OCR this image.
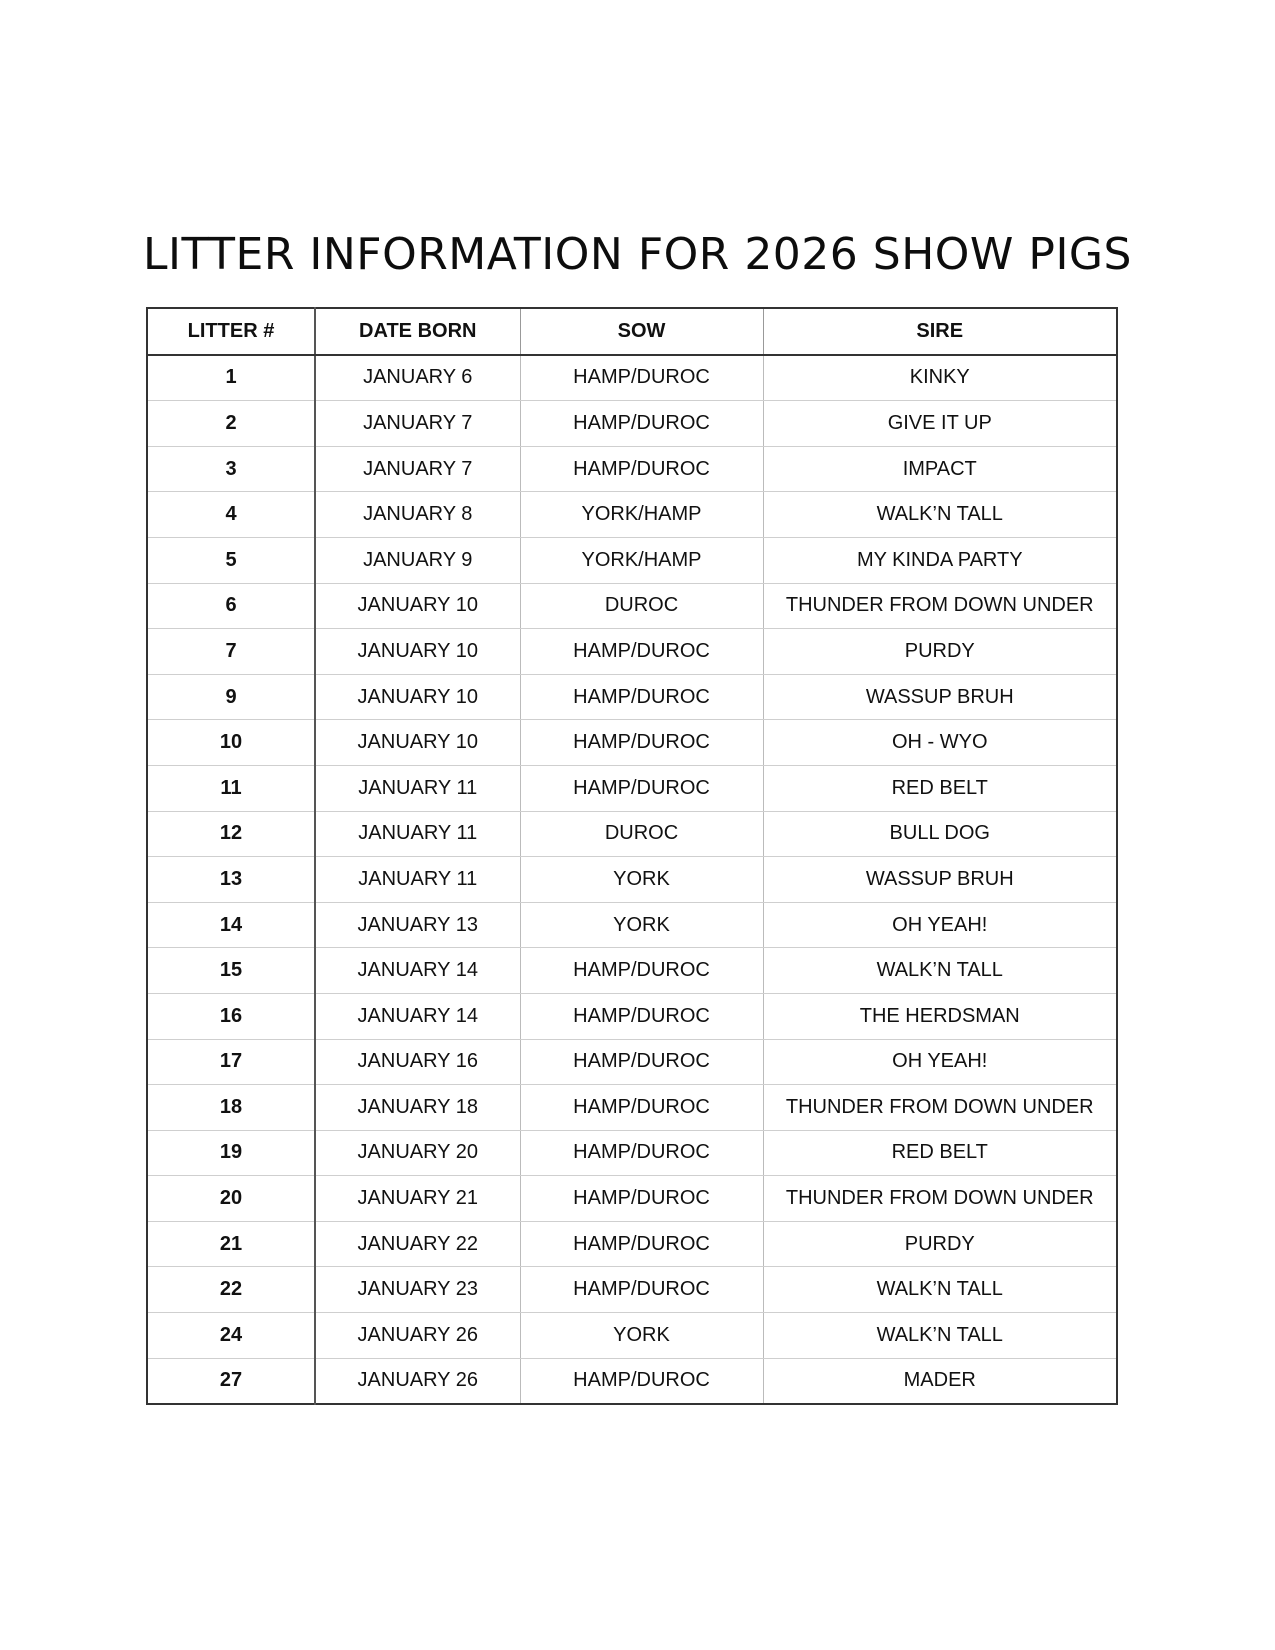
LITTER INFORMATION FOR 2026 SHOW PIGS
LITTER #	DATE BORN	SOW	SIRE
1	JANUARY 6	HAMP/DUROC	KINKY
2	JANUARY 7	HAMP/DUROC	GIVE IT UP
3	JANUARY 7	HAMP/DUROC	IMPACT
4	JANUARY 8	YORK/HAMP	WALK’N TALL
5	JANUARY 9	YORK/HAMP	MY KINDA PARTY
6	JANUARY 10	DUROC	THUNDER FROM DOWN UNDER
7	JANUARY 10	HAMP/DUROC	PURDY
9	JANUARY 10	HAMP/DUROC	WASSUP BRUH
10	JANUARY 10	HAMP/DUROC	OH - WYO
11	JANUARY 11	HAMP/DUROC	RED BELT
12	JANUARY 11	DUROC	BULL DOG
13	JANUARY 11	YORK	WASSUP BRUH
14	JANUARY 13	YORK	OH YEAH!
15	JANUARY 14	HAMP/DUROC	WALK’N TALL
16	JANUARY 14	HAMP/DUROC	THE HERDSMAN
17	JANUARY 16	HAMP/DUROC	OH YEAH!
18	JANUARY 18	HAMP/DUROC	THUNDER FROM DOWN UNDER
19	JANUARY 20	HAMP/DUROC	RED BELT
20	JANUARY 21	HAMP/DUROC	THUNDER FROM DOWN UNDER
21	JANUARY 22	HAMP/DUROC	PURDY
22	JANUARY 23	HAMP/DUROC	WALK’N TALL
24	JANUARY 26	YORK	WALK’N TALL
27	JANUARY 26	HAMP/DUROC	MADER
